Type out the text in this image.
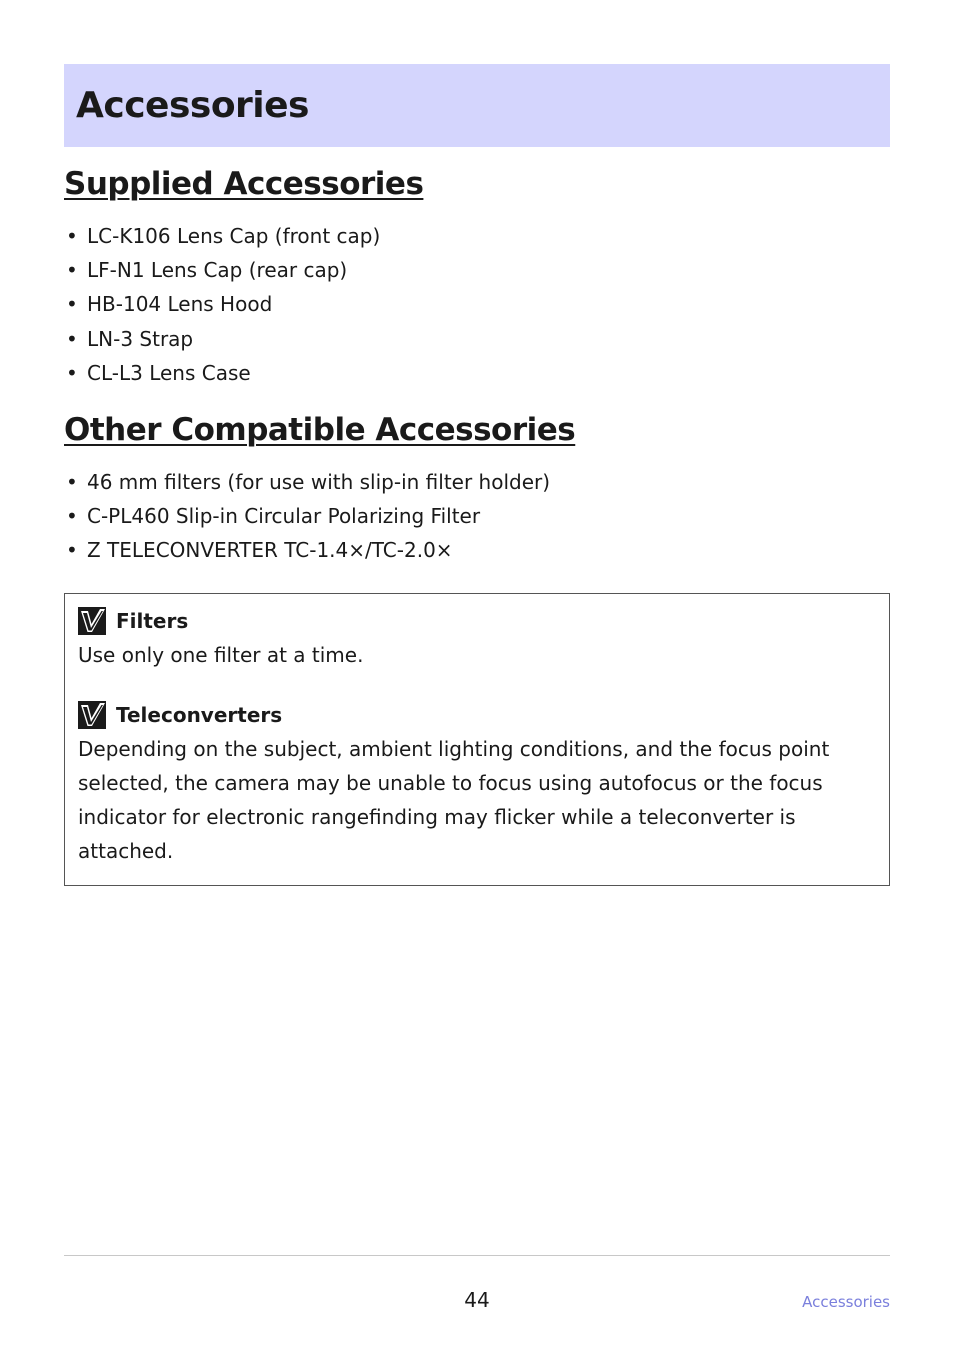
Accessories
Supplied Accessories
• LC-K106 Lens Cap (front cap)
• LF-N1 Lens Cap (rear cap)
• HB-104 Lens Hood
• LN-3 Strap
• CL-L3 Lens Case
Other Compatible Accessories
• 46 mm filters (for use with slip-in filter holder)
• C-PL460 Slip-in Circular Polarizing Filter
• Z TELECONVERTER TC-1.4×/TC-2.0×
Filters

Use only one filter at a time.

Teleconverters

Depending on the subject, ambient lighting conditions, and the focus point selected, the camera may be unable to focus using autofocus or the focus indicator for electronic rangefinding may flicker while a teleconverter is attached.

44	Accessories
